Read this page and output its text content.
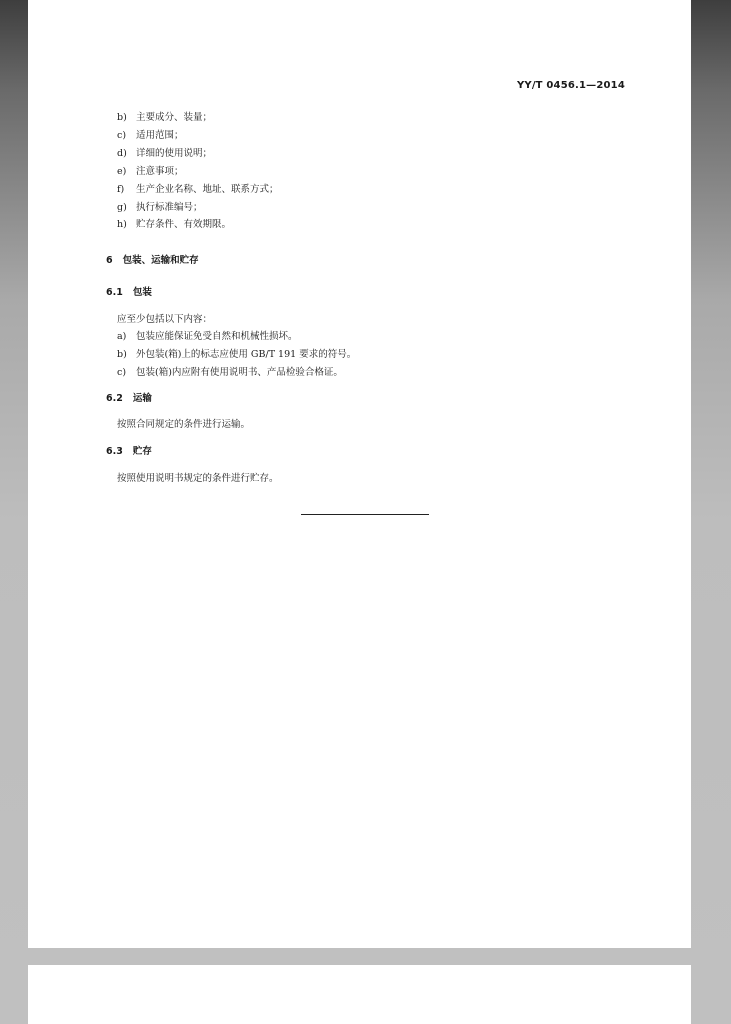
YY/T 0456.1—2014
b) 主要成分、装量；
c) 适用范围；
d) 详细的使用说明；
e) 注意事项；
f) 生产企业名称、地址、联系方式；
g) 执行标准编号；
h) 贮存条件、有效期限。
6 包装、运输和贮存
6.1 包装
应至少包括以下内容：
a) 包装应能保证免受自然和机械性损坏。
b) 外包装(箱)上的标志应使用 GB/T 191 要求的符号。
c) 包装(箱)内应附有使用说明书、产品检验合格证。
6.2 运输
按照合同规定的条件进行运输。
6.3 贮存
按照使用说明书规定的条件进行贮存。
